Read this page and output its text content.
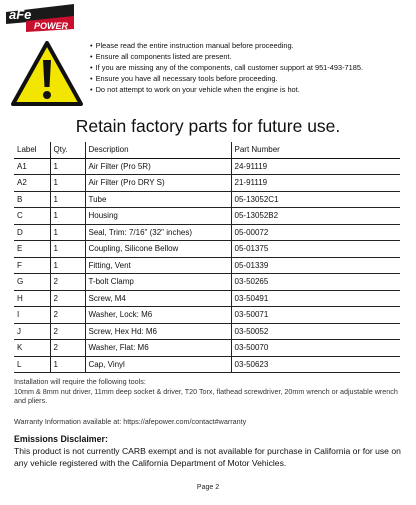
aFe
POWER
• Please read the entire instruction manual before proceeding.
• Ensure all components listed are present.
• If you are missing any of the components, call customer support at 951-493-7185.
• Ensure you have all necessary tools before proceeding.
• Do not attempt to work on your vehicle when the engine is hot.
Retain factory parts for future use.
Label	Qty.	Description	Part Number
A1	1	Air Filter (Pro 5R)	24-91119
A2	1	Air Filter (Pro DRY S)	21-91119
B	1	Tube	05-13052C1
C	1	Housing	05-13052B2
D	1	Seal, Trim: 7/16" (32" inches)	05-00072
E	1	Coupling, Silicone Bellow	05-01375
F	1	Fitting, Vent	05-01339
G	2	T-bolt Clamp	03-50265
H	2	Screw, M4	03-50491
I	2	Washer, Lock: M6	03-50071
J	2	Screw, Hex Hd: M6	03-50052
K	2	Washer, Flat: M6	03-50070
L	1	Cap, Vinyl	03-50623

Installation will require the following tools:

10mm & 8mm nut driver, 11mm deep socket & driver, T20 Torx, flathead screwdriver, 20mm wrench or adjustable wrench and pliers.

Warranty Information available at: https://afepower.com/contact#warranty
Emissions Disclaimer:
This product is not currently CARB exempt and is not available for purchase in California or for use on any vehicle registered with the California Department of Motor Vehicles.
Page 2
